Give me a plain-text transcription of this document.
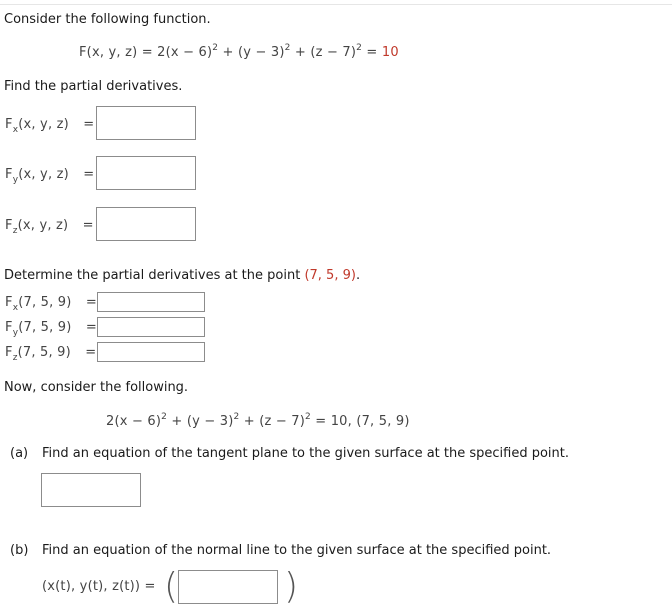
Consider the following function.
F(x, y, $z) = 2(x - 6)^2 + (y - 3)^2 + (z - 7)^2 = 10$
Find the partial derivatives.
$F_x(x$, y, z) =
$F_y(x$, y, z) =
$F_z(x$, y, z) =
Determine the partial derivatives at the point (7, 5, 9).
$F_x(7$, 5, 9) =
$F_y(7$, 5, 9) =
$F_z(7$, 5, 9) =
Now, consider the following.
$2(x - 6)^2 + (y - 3)^2 + (z - 7)^2 = 10$, (7, 5, 9)
(a) Find an equation of the tangent plane to the given surface at the specified point.
(b) Find an equation of the normal line to the given surface at the specified point.
(x(t), y(t), z(t)) = (	)
